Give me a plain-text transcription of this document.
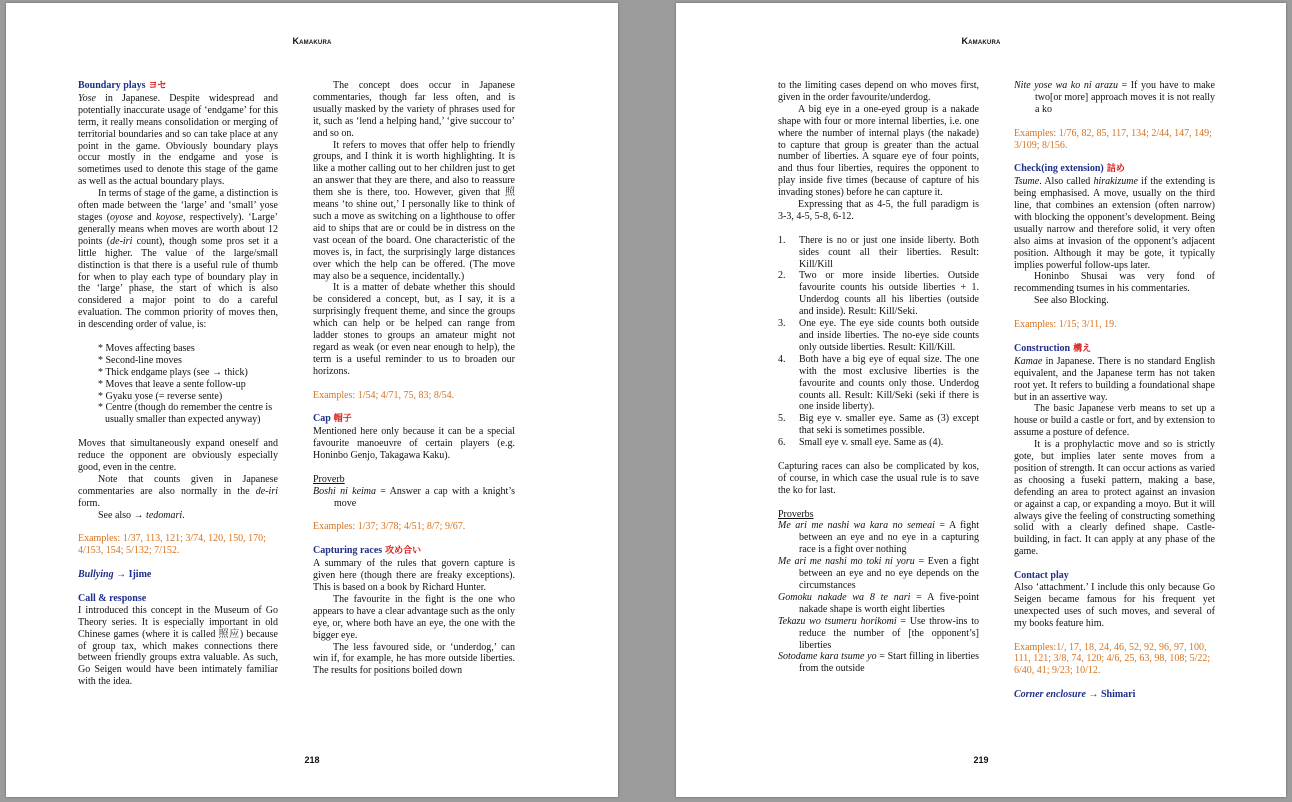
Kamakura
Boundary plays ヨセ

Yose in Japanese. Despite widespread and potentially inaccurate usage of ‘endgame’ for this term, it really means consolidation or merging of territorial boundaries and so can take place at any point in the game. Obviously boundary plays occur mostly in the endgame and yose is sometimes used to denote this stage of the game as well as the actual boundary plays.

In terms of stage of the game, a distinction is often made between the ‘large’ and ‘small’ yose stages (oyose and koyose, respectively). ‘Large’ generally means when moves are worth about 12 points (de-iri count), though some pros set it a little higher. The value of the large/small distinction is that there is a useful rule of thumb for when to play each type of boundary play in the ‘large’ phase, the start of which is also considered a major point to do a careful evaluation. The common priority of moves then, in descending order of value, is:

* Moves affecting bases
* Second-line moves
* Thick endgame plays (see → thick)
* Moves that leave a sente follow-up
* Gyaku yose (= reverse sente)
* Centre (though do remember the centre is usually smaller than expected anyway)

Moves that simultaneously expand oneself and reduce the opponent are obviously especially good, even in the centre.

Note that counts given in Japanese commentaries are also normally in the de-iri form.

See also → tedomari.

Examples: 1/37, 113, 121; 3/74, 120, 150, 170; 4/153, 154; 5/132; 7/152.

Bullying → Ijime
Call & response

I introduced this concept in the Museum of Go Theory series. It is especially important in old Chinese games (where it is called 照应) because of group tax, which makes connections there between friendly groups extra valuable. As such, Go Seigen would have been intimately familiar with the idea.

The concept does occur in Japanese commentaries, though far less often, and is usually masked by the variety of phrases used for it, such as ‘lend a helping hand,’ ‘give succour to’ and so on.

It refers to moves that offer help to friendly groups, and I think it is worth highlighting. It is like a mother calling out to her children just to get an answer that they are there, and also to reassure them she is there, too. However, given that 照 means ‘to shine out,’ I personally like to think of such a move as switching on a lighthouse to offer aid to ships that are or could be in distress on the vast ocean of the board. One characteristic of the moves is, in fact, the surprisingly large distances over which the help can be offered. (The move may also be a sequence, incidentally.)

It is a matter of debate whether this should be considered a concept, but, as I say, it is a surprisingly frequent theme, and since the groups which can help or be helped can range from ladder stones to groups an amateur might not regard as weak (or even near enough to help), the term is a useful reminder to us to broaden our horizons.

Examples: 1/54; 4/71, 75, 83; 8/54.

Cap 帽子

Mentioned here only because it can be a special favourite manoeuvre of certain players (e.g. Honinbo Genjo, Takagawa Kaku).

Proverb

Boshi ni keima = Answer a cap with a knight’s move

Examples: 1/37; 3/78; 4/51; 8/7; 9/67.

Capturing races 攻め合い

A summary of the rules that govern capture is given here (though there are freaky exceptions). This is based on a book by Richard Hunter.

The favourite in the fight is the one who appears to have a clear advantage such as the only eye, or, where both have an eye, the one with the bigger eye.

The less favoured side, or ‘underdog,’ can win if, for example, he has more outside liberties. The results for positions boiled down

218
Kamakura

to the limiting cases depend on who moves first, given in the order favourite/underdog.

A big eye in a one-eyed group is a nakade shape with four or more internal liberties, i.e. one where the number of internal plays (the nakade) to capture that group is greater than the actual number of liberties. A square eye of four points, and thus four liberties, requires the opponent to play inside five times (because of capture of his invading stones) before he can capture it.

Expressing that as 4-5, the full paradigm is 3-3, 4-5, 5-8, 6-12.

1.	There is no or just one inside liberty. Both sides count all their liberties. Result: Kill/Kill
2.	Two or more inside liberties. Outside favourite counts his outside liberties + 1. Underdog counts all his liberties (outside and inside). Result: Kill/Seki.
3.	One eye. The eye side counts both outside and inside liberties. The no-eye side counts only outside liberties. Result: Kill/Kill.
4.	Both have a big eye of equal size. The one with the most exclusive liberties is the favourite and counts only those. Underdog counts all. Result: Kill/Seki (seki if there is one inside liberty).
5.	Big eye v. smaller eye. Same as (3) except that seki is sometimes possible.
6.	Small eye v. small eye. Same as (4).

Capturing races can also be complicated by kos, of course, in which case the usual rule is to save the ko for last.

Proverbs

Me ari me nashi wa kara no semeai = A fight between an eye and no eye in a capturing race is a fight over nothing

Me ari me nashi mo toki ni yoru = Even a fight between an eye and no eye depends on the circumstances

Gomoku nakade wa 8 te nari = A five-point nakade shape is worth eight liberties

Tekazu wo tsumeru horikomi = Use throw-ins to reduce the number of [the opponent’s] liberties

Sotodame kara tsume yo = Start filling in liberties from the outside

Nite yose wa ko ni arazu = If you have to make two[or more] approach moves it is not really a ko

Examples: 1/76, 82, 85, 117, 134; 2/44, 147, 149; 3/109; 8/156.

Check(ing extension) 詰め

Tsume. Also called hirakizume if the extending is being emphasised. A move, usually on the third line, that combines an extension (often narrow) with blocking the opponent’s development. Being usually narrow and therefore solid, it very often also aims at invasion of the opponent’s adjacent position. Although it may be gote, it typically implies powerful follow-ups later.

Honinbo Shusai was very fond of recommending tsumes in his commentaries.

See also Blocking.

Examples: 1/15; 3/11, 19.

Construction 構え

Kamae in Japanese. There is no standard English equivalent, and the Japanese term has not taken root yet. It refers to building a foundational shape but in an assertive way.

The basic Japanese verb means to set up a house or build a castle or fort, and by extension to assume a posture of defence.

It is a prophylactic move and so is strictly gote, but implies later sente moves from a position of strength. It can occur actions as varied as choosing a fuseki pattern, making a base, defending an area to protect against an invasion or against a cap, or expanding a moyo. But it will always give the feeling of constructing something solid with a clearly defined shape. Castle-building, in fact. It can apply at any phase of the game.

Contact play

Also ‘attachment.’ I include this only because Go Seigen became famous for his frequent yet unexpected uses of such moves, and several of my books feature him.

Examples:1/, 17, 18, 24, 46, 52, 92, 96, 97, 100, 111, 121; 3/8, 74, 120; 4/6, 25, 63, 98, 108; 5/22; 6/40, 41; 9/23; 10/12.

Corner enclosure → Shimari
219
